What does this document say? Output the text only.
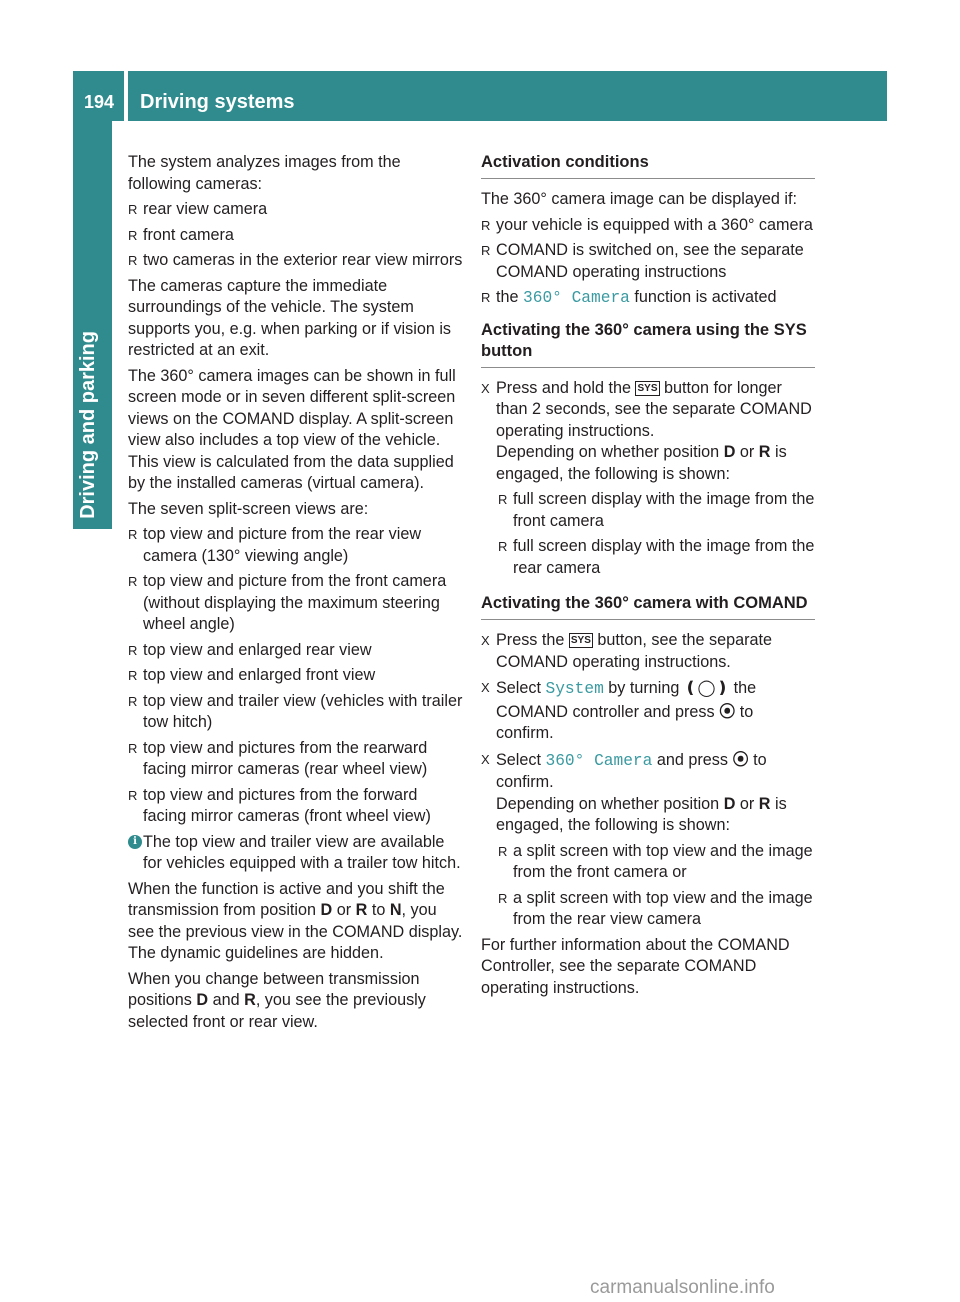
194 Driving systems
Driving and parking

The system analyzes images from the following cameras:

R rear view camera
R front camera
R two cameras in the exterior rear view mirrors

The cameras capture the immediate surroundings of the vehicle. The system supports you, e.g. when parking or if vision is restricted at an exit.

The 360° camera images can be shown in full screen mode or in seven different split-screen views on the COMAND display. A split-screen view also includes a top view of the vehicle. This view is calculated from the data supplied by the installed cameras (virtual camera).

The seven split-screen views are:

R top view and picture from the rear view camera (130° viewing angle)
R top view and picture from the front camera (without displaying the maximum steering wheel angle)
R top view and enlarged rear view
R top view and enlarged front view
R top view and trailer view (vehicles with trailer tow hitch)
R top view and pictures from the rearward facing mirror cameras (rear wheel view)
R top view and pictures from the forward facing mirror cameras (front wheel view)
i The top view and trailer view are available for vehicles equipped with a trailer tow hitch.

When the function is active and you shift the transmission from position D or R to N, you see the previous view in the COMAND display. The dynamic guidelines are hidden.

When you change between transmission positions D and R, you see the previously selected front or rear view.

Activation conditions

The 360° camera image can be displayed if:

R your vehicle is equipped with a 360° camera
R COMAND is switched on, see the separate COMAND operating instructions
R the 360° Camera function is activated

Activating the 360° camera using the SYS button
X Press and hold the SYS button for longer than 2 seconds, see the separate COMAND operating instructions.
Depending on whether position D or R is engaged, the following is shown:
R full screen display with the image from the front camera
R full screen display with the image from the rear camera

Activating the 360° camera with COMAND
X Press the SYS button, see the separate COMAND operating instructions.
X Select System by turning ❪◯❫ the COMAND controller and press ⦿ to confirm.
X Select 360° Camera and press ⦿ to confirm.
Depending on whether position D or R is engaged, the following is shown:
R a split screen with top view and the image from the front camera or
R a split screen with top view and the image from the rear view camera

For further information about the COMAND Controller, see the separate COMAND operating instructions.

carmanualsonline.info
